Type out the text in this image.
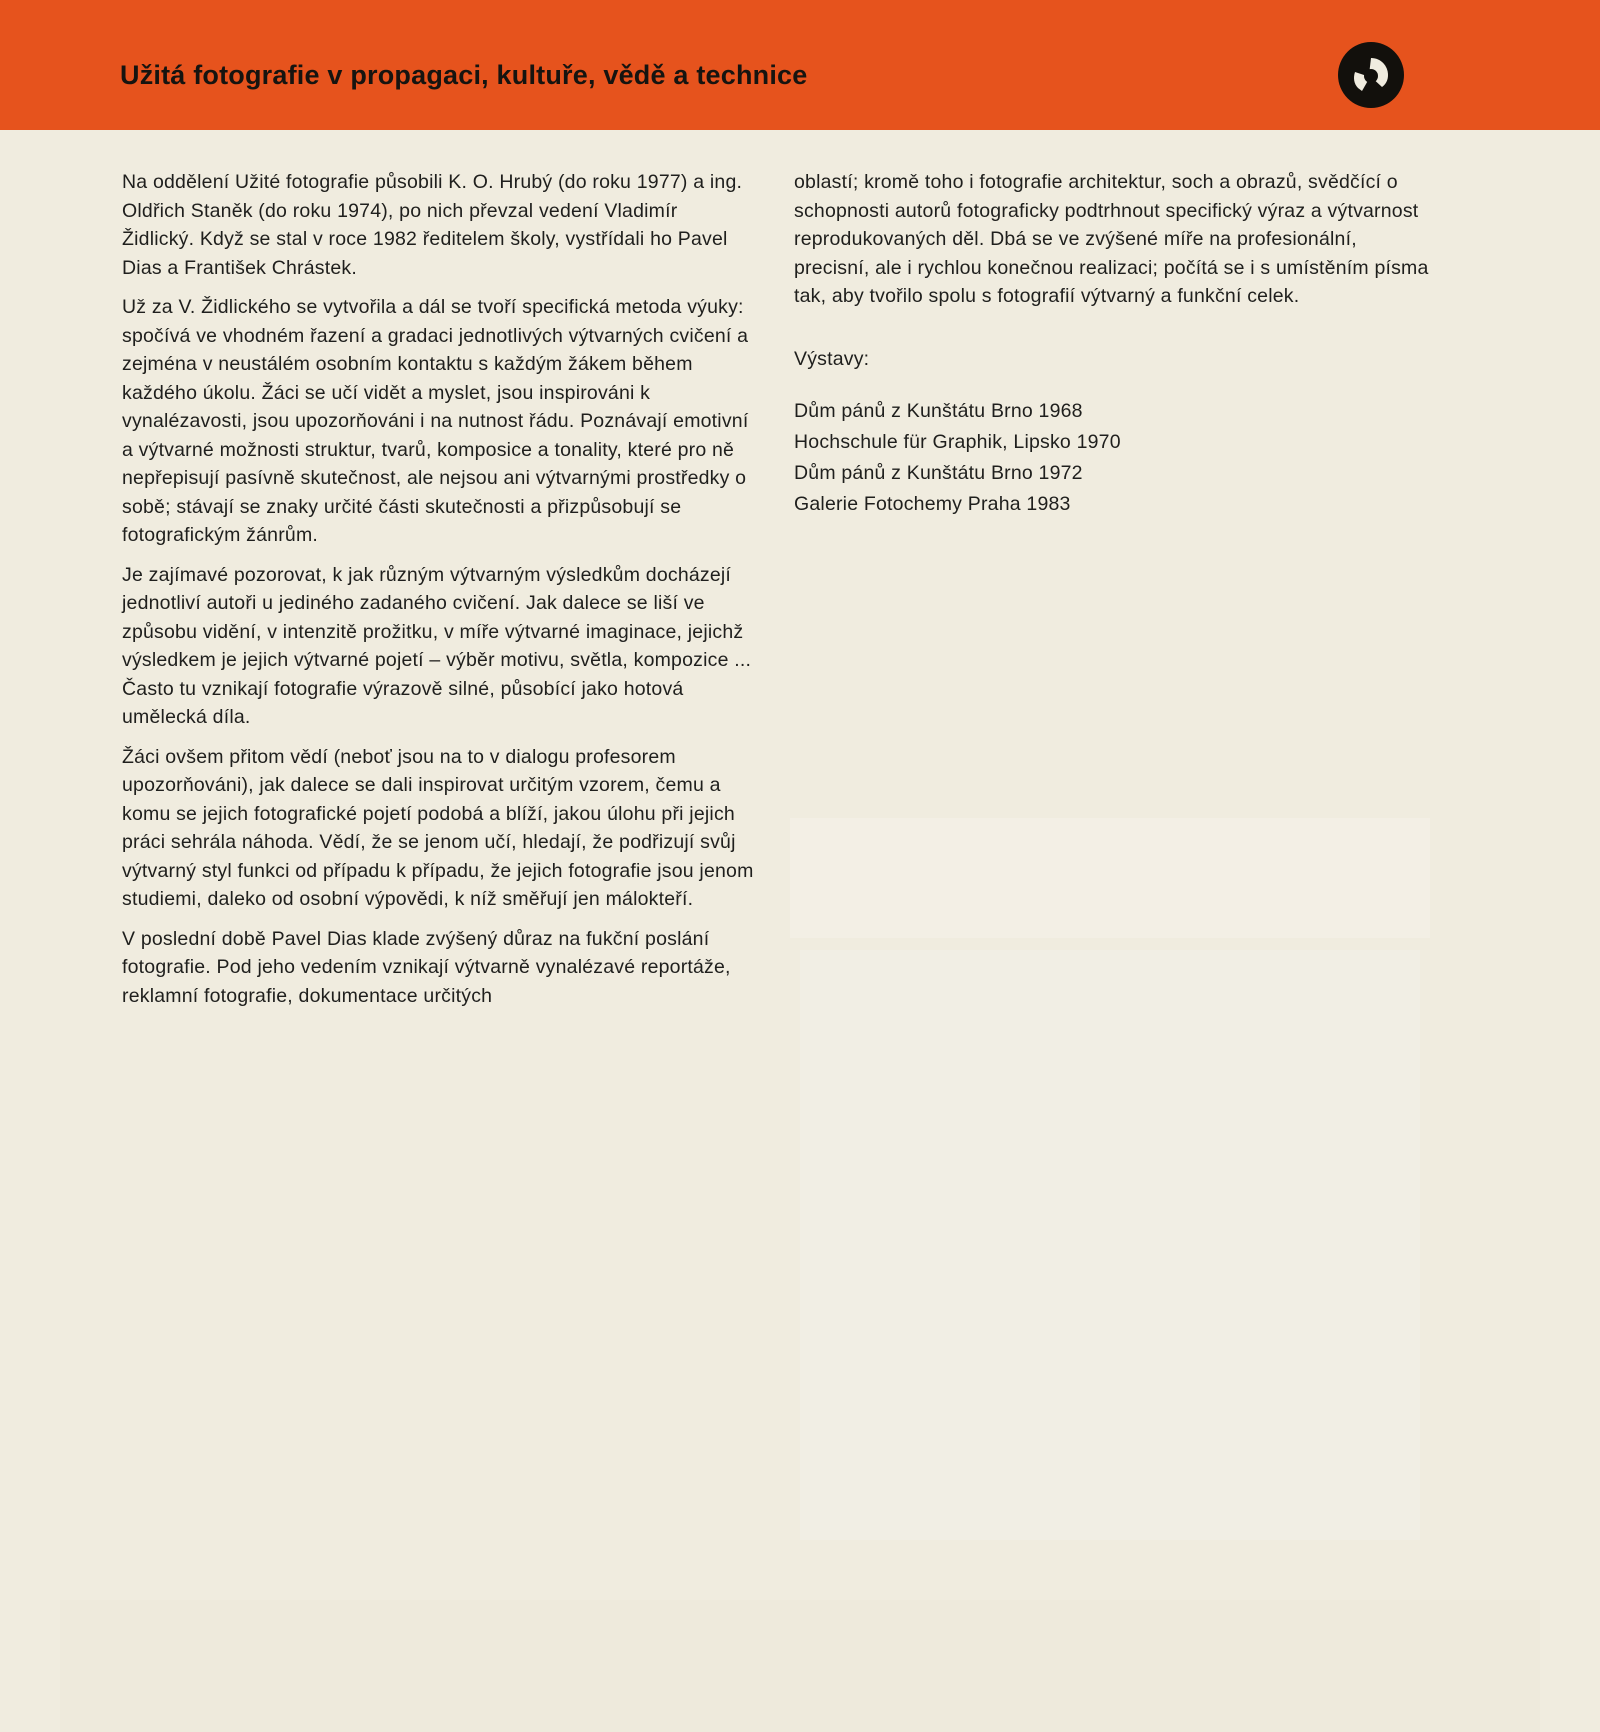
Užitá fotografie v propagaci, kultuře, vědě a technice

Na oddělení Užité fotografie působili K. O. Hrubý (do roku 1977) a ing. Oldřich Staněk (do roku 1974), po nich převzal vedení Vladimír Židlický. Když se stal v roce 1982 ředitelem školy, vystřídali ho Pavel Dias a František Chrástek.

Už za V. Židlického se vytvořila a dál se tvoří specifická metoda výuky: spočívá ve vhodném řazení a gradaci jednotlivých výtvarných cvičení a zejména v neustálém osobním kontaktu s každým žákem během každého úkolu. Žáci se učí vidět a myslet, jsou inspirováni k vynalézavosti, jsou upozorňováni i na nutnost řádu. Poznávají emotivní a výtvarné možnosti struktur, tvarů, komposice a tonality, které pro ně nepřepisují pasívně skutečnost, ale nejsou ani výtvarnými prostředky o sobě; stávají se znaky určité části skutečnosti a přizpůsobují se fotografickým žánrům.

Je zajímavé pozorovat, k jak různým výtvarným výsledkům docházejí jednotliví autoři u jediného zadaného cvičení. Jak dalece se liší ve způsobu vidění, v intenzitě prožitku, v míře výtvarné imaginace, jejichž výsledkem je jejich výtvarné pojetí – výběr motivu, světla, kompozice ... Často tu vznikají fotografie výrazově silné, působící jako hotová umělecká díla.

Žáci ovšem přitom vědí (neboť jsou na to v dialogu profesorem upozorňováni), jak dalece se dali inspirovat určitým vzorem, čemu a komu se jejich fotografické pojetí podobá a blíží, jakou úlohu při jejich práci sehrála náhoda. Vědí, že se jenom učí, hledají, že podřizují svůj výtvarný styl funkci od případu k případu, že jejich fotografie jsou jenom studiemi, daleko od osobní výpovědi, k níž směřují jen málokteří.

V poslední době Pavel Dias klade zvýšený důraz na fukční poslání fotografie. Pod jeho vedením vznikají výtvarně vynalézavé reportáže, reklamní fotografie, dokumentace určitých

oblastí; kromě toho i fotografie architektur, soch a obrazů, svědčící o schopnosti autorů fotograficky podtrhnout specifický výraz a výtvarnost reprodukovaných děl. Dbá se ve zvýšené míře na profesionální, precisní, ale i rychlou konečnou realizaci; počítá se i s umístěním písma tak, aby tvořilo spolu s fotografií výtvarný a funkční celek.

Výstavy:

Dům pánů z Kunštátu Brno 1968
Hochschule für Graphik, Lipsko 1970
Dům pánů z Kunštátu Brno 1972
Galerie Fotochemy Praha 1983
